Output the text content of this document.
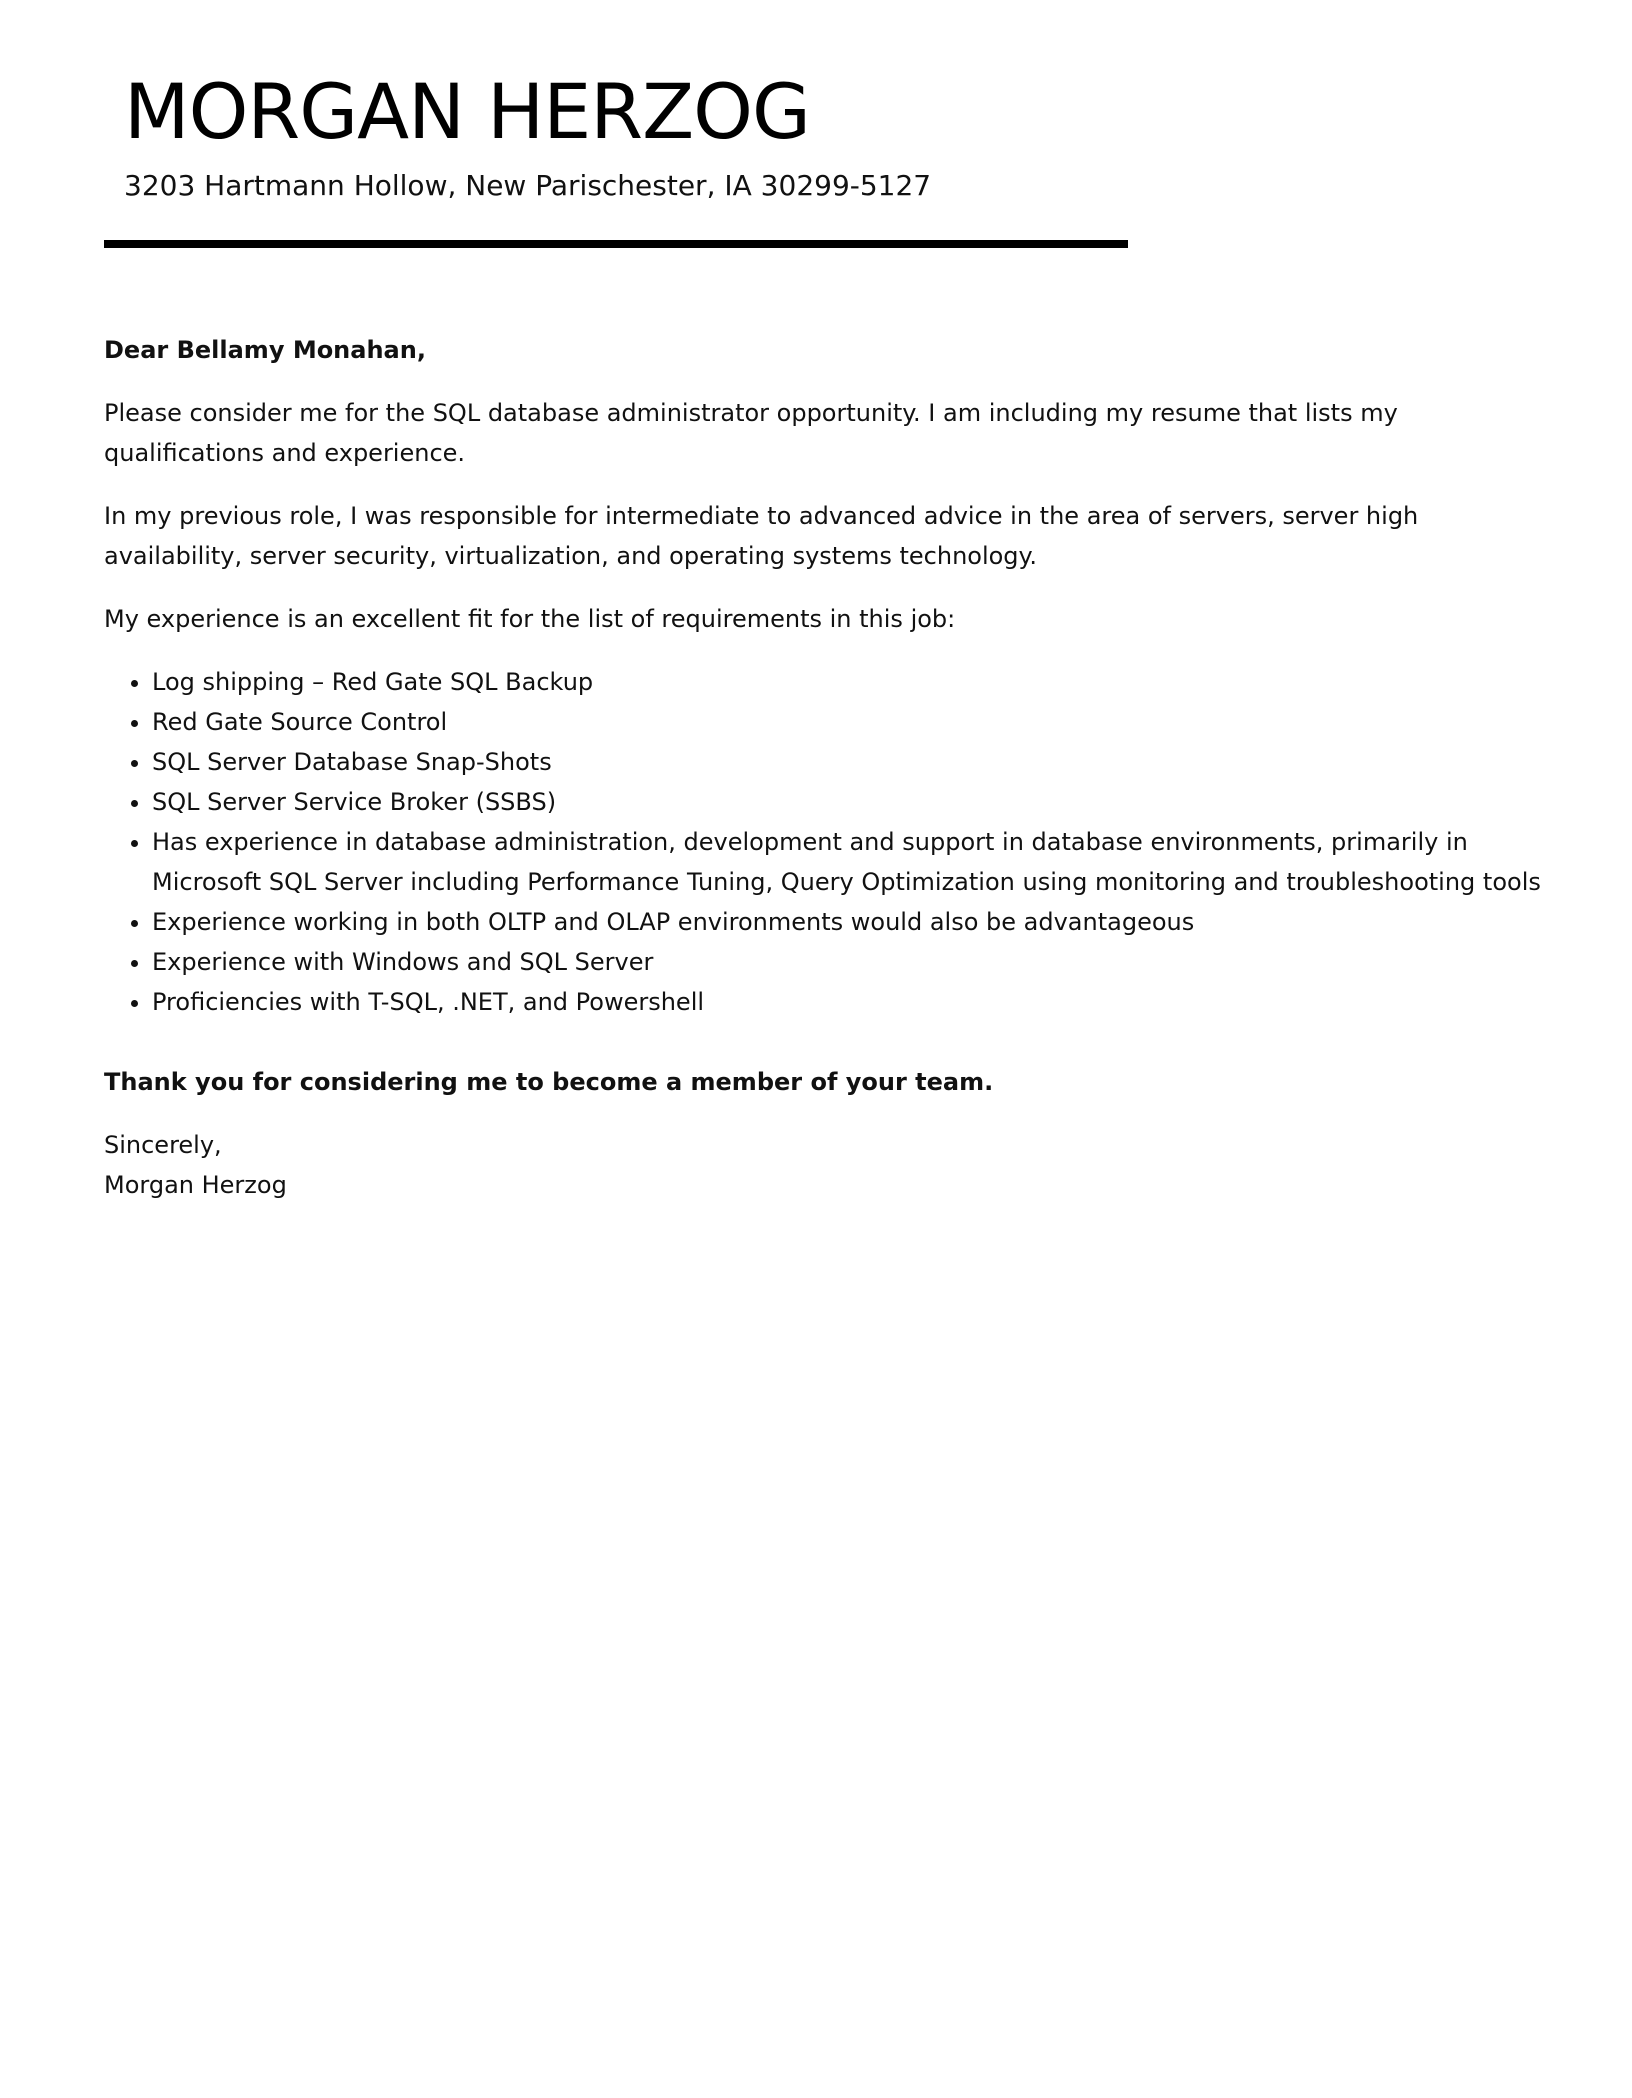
MORGAN HERZOG
3203 Hartmann Hollow, New Parischester, IA 30299-5127

Dear Bellamy Monahan,

Please consider me for the SQL database administrator opportunity. I am including my resume that lists my qualifications and experience.

In my previous role, I was responsible for intermediate to advanced advice in the area of servers, server high availability, server security, virtualization, and operating systems technology.

My experience is an excellent fit for the list of requirements in this job:

• Log shipping – Red Gate SQL Backup
• Red Gate Source Control
• SQL Server Database Snap-Shots
• SQL Server Service Broker (SSBS)
• Has experience in database administration, development and support in database environments, primarily in Microsoft SQL Server including Performance Tuning, Query Optimization using monitoring and troubleshooting tools
• Experience working in both OLTP and OLAP environments would also be advantageous
• Experience with Windows and SQL Server
• Proficiencies with T-SQL, .NET, and Powershell

Thank you for considering me to become a member of your team.

Sincerely,
Morgan Herzog
